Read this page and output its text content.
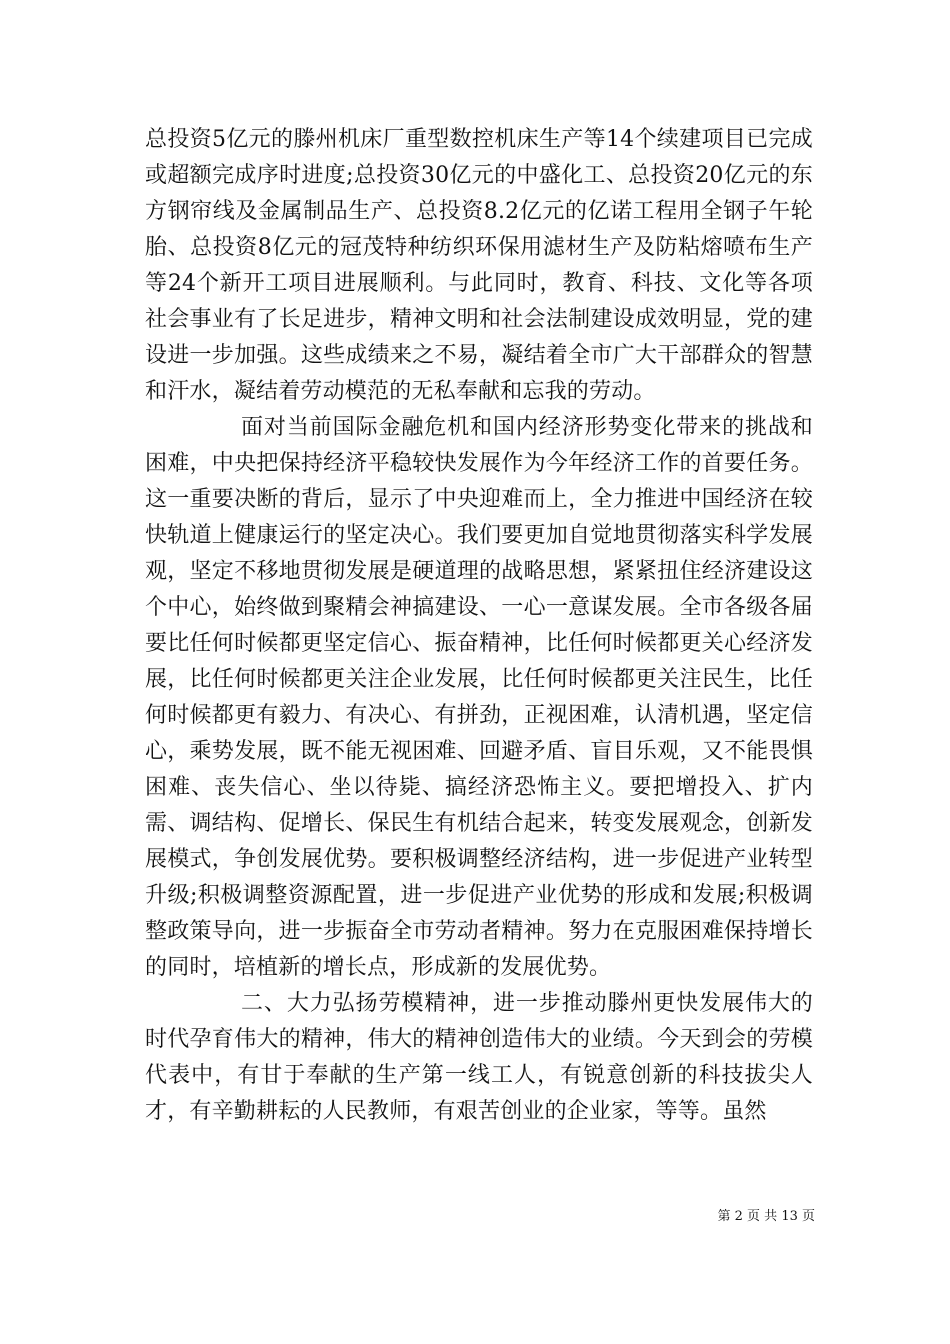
总投资5亿元的滕州机床厂重型数控机床生产等14个续建项目已完成或超额完成序时进度;总投资30亿元的中盛化工、总投资20亿元的东方钢帘线及金属制品生产、总投资8.2亿元的亿诺工程用全钢子午轮胎、总投资8亿元的冠茂特种纺织环保用滤材生产及防粘熔喷布生产等24个新开工项目进展顺利。与此同时，教育、科技、文化等各项社会事业有了长足进步，精神文明和社会法制建设成效明显，党的建设进一步加强。这些成绩来之不易，凝结着全市广大干部群众的智慧和汗水，凝结着劳动模范的无私奉献和忘我的劳动。

面对当前国际金融危机和国内经济形势变化带来的挑战和困难，中央把保持经济平稳较快发展作为今年经济工作的首要任务。这一重要决断的背后，显示了中央迎难而上，全力推进中国经济在较快轨道上健康运行的坚定决心。我们要更加自觉地贯彻落实科学发展观，坚定不移地贯彻发展是硬道理的战略思想，紧紧扭住经济建设这个中心，始终做到聚精会神搞建设、一心一意谋发展。全市各级各届要比任何时候都更坚定信心、振奋精神，比任何时候都更关心经济发展，比任何时候都更关注企业发展，比任何时候都更关注民生，比任何时候都更有毅力、有决心、有拼劲，正视困难，认清机遇，坚定信心，乘势发展，既不能无视困难、回避矛盾、盲目乐观，又不能畏惧困难、丧失信心、坐以待毙、搞经济恐怖主义。要把增投入、扩内需、调结构、促增长、保民生有机结合起来，转变发展观念，创新发展模式，争创发展优势。要积极调整经济结构，进一步促进产业转型升级;积极调整资源配置，进一步促进产业优势的形成和发展;积极调整政策导向，进一步振奋全市劳动者精神。努力在克服困难保持增长的同时，培植新的增长点，形成新的发展优势。

二、大力弘扬劳模精神，进一步推动滕州更快发展伟大的时代孕育伟大的精神，伟大的精神创造伟大的业绩。今天到会的劳模代表中，有甘于奉献的生产第一线工人，有锐意创新的科技拔尖人才，有辛勤耕耘的人民教师，有艰苦创业的企业家，等等。虽然

第 2 页 共 13 页
